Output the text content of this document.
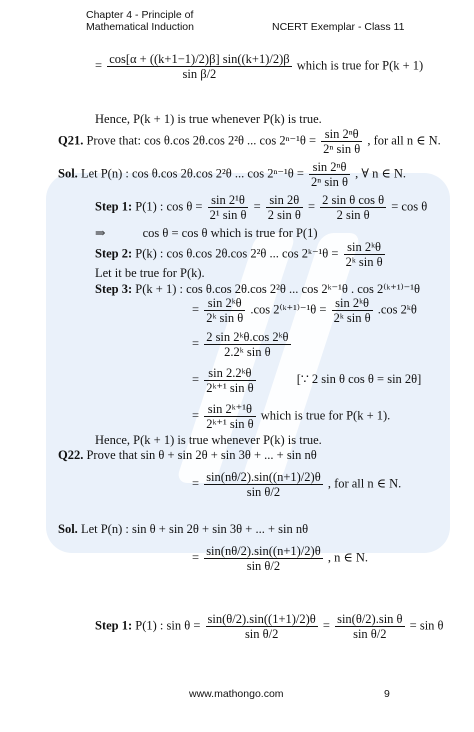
Chapter 4 - Principle of
Mathematical Induction	NCERT Exemplar - Class 11
= $\frac{\cos[\alpha + ((k+1-1)/2)\beta] \sin((k+1)/2)\beta}{\text{sin β/2}}$ which is true for P(k + 1)
Hence, P(k + 1) is true whenever P(k) is true.
Q21. Prove that: cos θ.cos 2θ.cos 2²θ ... $\cos 2^{n-1}\theta = \frac{\text{sin 2ⁿθ}}{\text{2ⁿ sin θ}}$ , for all n ∈ N.
Sol. Let P(n) : cos θ.cos 2θ.cos 2²θ ... $\cos 2^{n-1}\theta = \frac{\text{sin 2ⁿθ}}{\text{2ⁿ sin θ}}$ , ∀ n ∈ N.
Step 1: P(1) : $\cos \theta = \frac{\text{sin 2¹θ}}{\text{2¹ sin θ}} = \frac{\sin 2\theta}{\text{2 sin θ}} = \frac{\text{2 sin θ cos θ}}{\text{2 sin θ}} = \cos \theta$
⇒	cos θ = cos θ which is true for P(1)
Step 2: P(k) : cos θ.cos 2θ.cos 2²θ ... cos 2ᵏ⁻¹θ = $\frac{\text{sin 2ᵏθ}}{\text{2ᵏ sin θ}}$
Let it be true for P(k).
Step 3: P(k + 1) : cos θ.cos 2θ.cos 2²θ ... cos 2ᵏ⁻¹θ . cos 2⁽ᵏ⁺¹⁾⁻¹θ
= $\frac{\text{sin 2ᵏθ}}{\text{2ᵏ sin θ}} .\cos$ 2⁽ᵏ⁺¹⁾⁻¹θ = $\frac{\text{sin 2ᵏθ}}{\text{2ᵏ sin θ}} .\cos$ 2ᵏθ
= $\frac{\text{2 sin 2ᵏθ.cos 2ᵏθ}}{\text{2.2ᵏ sin θ}}$
= $\frac{\text{sin 2.2ᵏθ}}{\text{2ᵏ⁺¹ sin θ}}$	[∵ 2 sin θ cos θ = sin 2θ]
= $\frac{\text{sin 2ᵏ⁺¹θ}}{\text{2ᵏ⁺¹ sin θ}}$ which is true for P(k + 1).
Hence, P(k + 1) is true whenever P(k) is true.
Q22. Prove that sin θ + sin 2θ + sin 3θ + ... + sin nθ
= $\frac{\sin(n\theta/2).\sin((n+1)/2)\theta}{\text{sin θ/2}}$ , for all n ∈ N.
Sol. Let P(n) : sin θ + sin 2θ + sin 3θ + ... + sin nθ
= $\frac{\sin(n\theta/2).\sin((n+1)/2)\theta}{\text{sin θ/2}}$ , n ∈ N.
Step 1: P(1) : $\sin \theta = \frac{\sin(\theta/2).\sin((1+1)/2)\theta}{\text{sin θ/2}} = \frac{\text{sin(θ/2).sin θ}}{\text{sin θ/2}} = \sin \theta$
www.mathongo.com	9
